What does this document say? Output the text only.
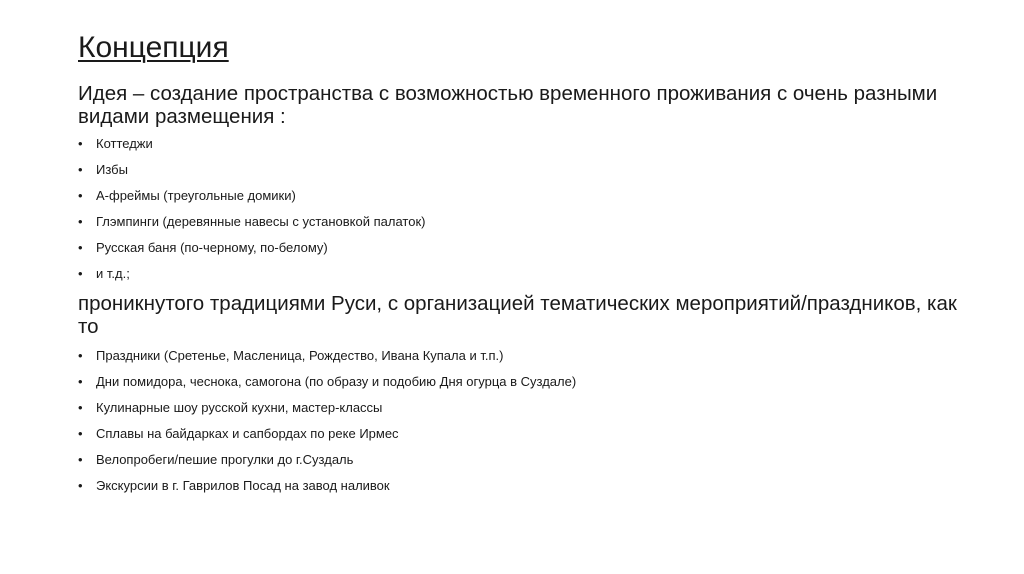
Концепция

Идея – создание пространства с возможностью временного проживания с очень разными видами размещения :

• Коттеджи
• Избы
• А-фреймы (треугольные домики)
• Глэмпинги (деревянные навесы с установкой палаток)
• Русская баня (по-черному, по-белому)
• и т.д.;

проникнутого традициями Руси, с организацией тематических мероприятий/праздников, как то

• Праздники (Сретенье, Масленица, Рождество, Ивана Купала и т.п.)
• Дни помидора, чеснока, самогона (по образу и подобию Дня огурца в Суздале)
• Кулинарные шоу русской кухни, мастер-классы
• Сплавы на байдарках и сапбордах по реке Ирмес
• Велопробеги/пешие прогулки до г.Суздаль
• Экскурсии в г. Гаврилов Посад на завод наливок
